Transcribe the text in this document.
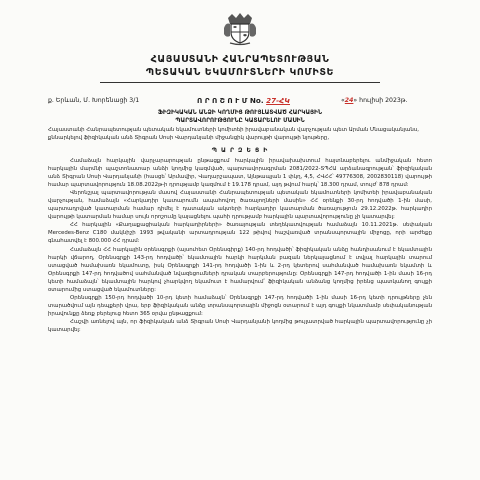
ՀԱՅԱՍՏԱՆԻ ՀԱՆՐԱՊԵՏՈՒԹՅԱՆ
ՊԵՏԱԿԱՆ ԵԿԱՄՈՒՏՆԵՐԻ ԿՈՄԻՏԵ
ք. Երևան, Մ. Խորենացի 3/1	Ո Ր Ո Շ Ո Ւ Մ No. 27-ՀԿ	«24» հուլիսի 2023թ.
ՖԻԶԻԿԱԿԱՆ ԱՆՁԻ ԿՈՂՄԻՑ ԹՈՒՅԼԱՏՎԱԾ ՀԱՐԿԱՅԻՆ
ՊԱՐՏԱՎՈՐՈՒԹՅՈՒՆԸ ԿԱՏԱՐԵԼՈՒ ՄԱՍԻՆ
Հայաստանի Հանրապետության պետական եկամուտների կոմիտեի իրավաբանական վարչության պետ Արման Մնացականյանս, քննարկելով ֆիզիկական անձ Տիգրան Սոսի Վարդանյանի միջանցիկ վարույթի վարույթի նյութերը,
Պ Ա Ր Զ Ե Ց Ի

Համաձայն հարկային վարչարարության ընթացքում հարկային իրավախախտում հայտնաբերելու անմիջական հետո հարկային մարմնի պաշտոնատար անձի կողմից կազմված, պարտավորագրման 2081/2022-ՏՊՀԱ արձանագրության՝ ֆիզիկական անձ Տիգրան Սոսի Վարդանյանի (հասցե՝ Արմավիր, Վաղարշապատ, Այնթապյան 1 փկղ, 4,5, ՀՎՀՀ՝ 49776308, 2002830118) վարույթի համար պարտավորություն 18.08.2022թ-ի դրությամբ կազմում է 19.178 դրամ, այդ թվում հարկ՝ 18.300 դրամ, տույժ՝ 878 դրամ:

Վերոնշյալ պարտավորության մասով Հայաստանի Հանրապետության պետական եկամուտների կոմիտեի իրավաբանական վարչության, համաձայն «Հարկադիր կատարումն ապահովող ծառայողների մասին» ՀՀ օրենքի 30-րդ հոդվածի 1-ին մասի, պարտադրված կատարման համար դիմել է դատական ակտերի հարկադիր կատարման ծառայություն 29.12.2022թ. հարկադիր վարույթի կատարման համար սույն որոշումը կայացնելու պահի դրությամբ հարկային պարտավորությունը չի կատարվել:

ՀՀ հարկային «Քաղաքացիական հարկադիրների» ծառայության տեղեկատվության համաձայն 10.11.2021թ. սեփական Mercedes-Benz C180 մակնիշի 1993 թվականի արտադրության 122 թիվով հաշվառված տրանսպորտային միջոցը, որի արժեքը գնահատվել է 800.000 ՀՀ դրամ:

Համաձայն ՀՀ հարկային օրենսգրքի (այսուհետ Օրենսգիրք) 140-րդ հոդվածի՝ ֆիզիկական անձը հանդիսանում է եկամտային հարկի վճարող, Օրենսգրքի 143-րդ հոդվածի՝ եկամտային հարկի հարկման բազան ներկայացնում է տվյալ հարկային տարում ստացված համախառն եկամուտը, իսկ Օրենսգրքի 141-րդ հոդվածի 1-ին և 2-րդ կետերով սահմանված համախառն եկամտի և Օրենսգրքի 147-րդ հոդվածով սահմանված նվազեցումների դրական տարբերությունը: Օրենսգրքի 147-րդ հոդվածի 1-ին մասի 16-րդ կետի համաձայն՝ եկամտային հարկով չհարկվող եկամուտ է համարվում՝ ֆիզիկական անձանց կողմից իրենց պատկանող գույքի օտարումից ստացված եկամուտները:

Օրենսգրքի 150-րդ հոդվածի 10-րդ կետի համաձայն՝ Օրենսգրքի 147-րդ հոդվածի 1-ին մասի 16-րդ կետի դրույթները չեն տարածվում այն դեպքերի վրա, երբ ֆիզիկական անձը տրանսպորտային միջոցն օտարում է այդ գույքի նկատմամբ սեփականության իրավունքը ձեռք բերելուց հետո 365 օրվա ընթացքում:

Հաշվի առնելով այն, որ ֆիզիկական անձ Տիգրան Սոսի Վարդանյանի կողմից թույլատրված հարկային պարտավորությունը չի կատարվել:
